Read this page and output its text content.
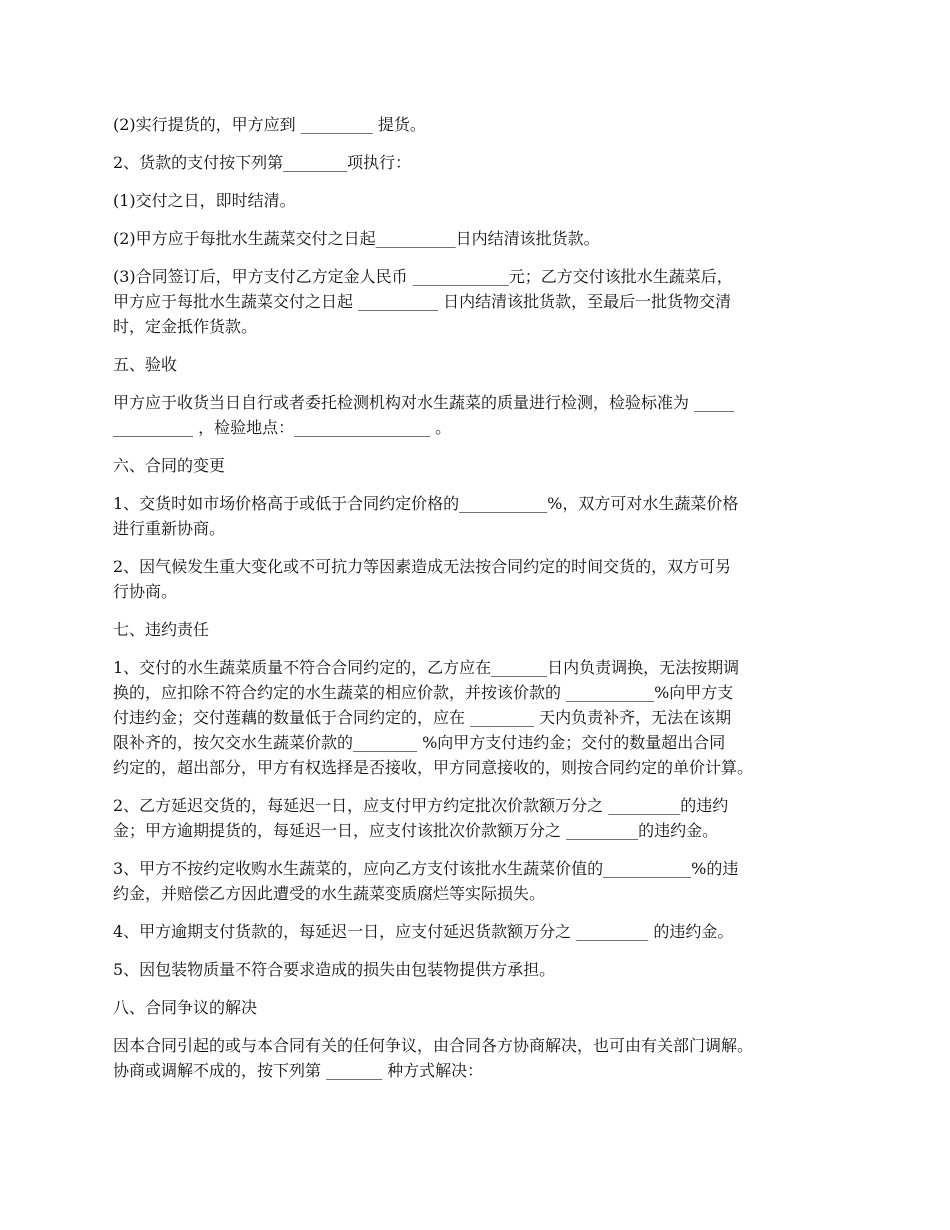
(2)实行提货的，甲方应到 _________ 提货。

2、货款的支付按下列第________项执行：

(1)交付之日，即时结清。

(2)甲方应于每批水生蔬菜交付之日起__________日内结清该批货款。

(3)合同签订后，甲方支付乙方定金人民币 ____________元；乙方交付该批水生蔬菜后，
甲方应于每批水生蔬菜交付之日起 __________ 日内结清该批货款，至最后一批货物交清
时，定金抵作货款。

五、验收

甲方应于收货当日自行或者委托检测机构对水生蔬菜的质量进行检测，检验标准为 _____
__________ ，检验地点：_________________ 。

六、合同的变更

1、交货时如市场价格高于或低于合同约定价格的___________%，双方可对水生蔬菜价格
进行重新协商。

2、因气候发生重大变化或不可抗力等因素造成无法按合同约定的时间交货的，双方可另
行协商。

七、违约责任

1、交付的水生蔬菜质量不符合合同约定的，乙方应在_______日内负责调换，无法按期调
换的，应扣除不符合约定的水生蔬菜的相应价款，并按该价款的 ___________%向甲方支
付违约金；交付莲藕的数量低于合同约定的，应在 ________ 天内负责补齐，无法在该期
限补齐的，按欠交水生蔬菜价款的________ %向甲方支付违约金；交付的数量超出合同
约定的，超出部分，甲方有权选择是否接收，甲方同意接收的，则按合同约定的单价计算。

2、乙方延迟交货的，每延迟一日，应支付甲方约定批次价款额万分之 _________的违约
金；甲方逾期提货的，每延迟一日，应支付该批次价款额万分之 _________的违约金。

3、甲方不按约定收购水生蔬菜的，应向乙方支付该批水生蔬菜价值的___________%的违
约金，并赔偿乙方因此遭受的水生蔬菜变质腐烂等实际损失。

4、甲方逾期支付货款的，每延迟一日，应支付延迟货款额万分之 _________ 的违约金。

5、因包装物质量不符合要求造成的损失由包装物提供方承担。

八、合同争议的解决

因本合同引起的或与本合同有关的任何争议，由合同各方协商解决，也可由有关部门调解。
协商或调解不成的，按下列第 _______ 种方式解决：
